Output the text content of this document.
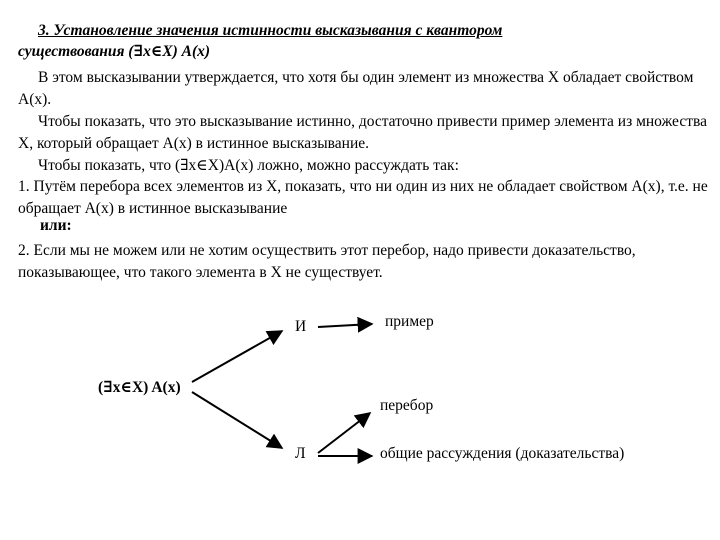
3. Установление значения истинности высказывания с квантором
существования (∃x∈X) A(x)

В этом высказывании утверждается, что хотя бы один элемент из множества X обладает свойством A(x).

Чтобы показать, что это высказывание истинно, достаточно привести пример элемента из множества X, который обращает A(x) в истинное высказывание.

Чтобы показать, что (∃x∈X)A(x) ложно, можно рассуждать так:

1. Путём перебора всех элементов из X, показать, что ни один из них не обладает свойством A(x), т.е. не обращает A(x) в истинное высказывание

или:

2. Если мы не можем или не хотим осуществить этот перебор, надо привести доказательство, показывающее, что такого элемента в X не существует.

(∃x∈X) A(x)
И
Л
пример
перебор
общие рассуждения (доказательства)
